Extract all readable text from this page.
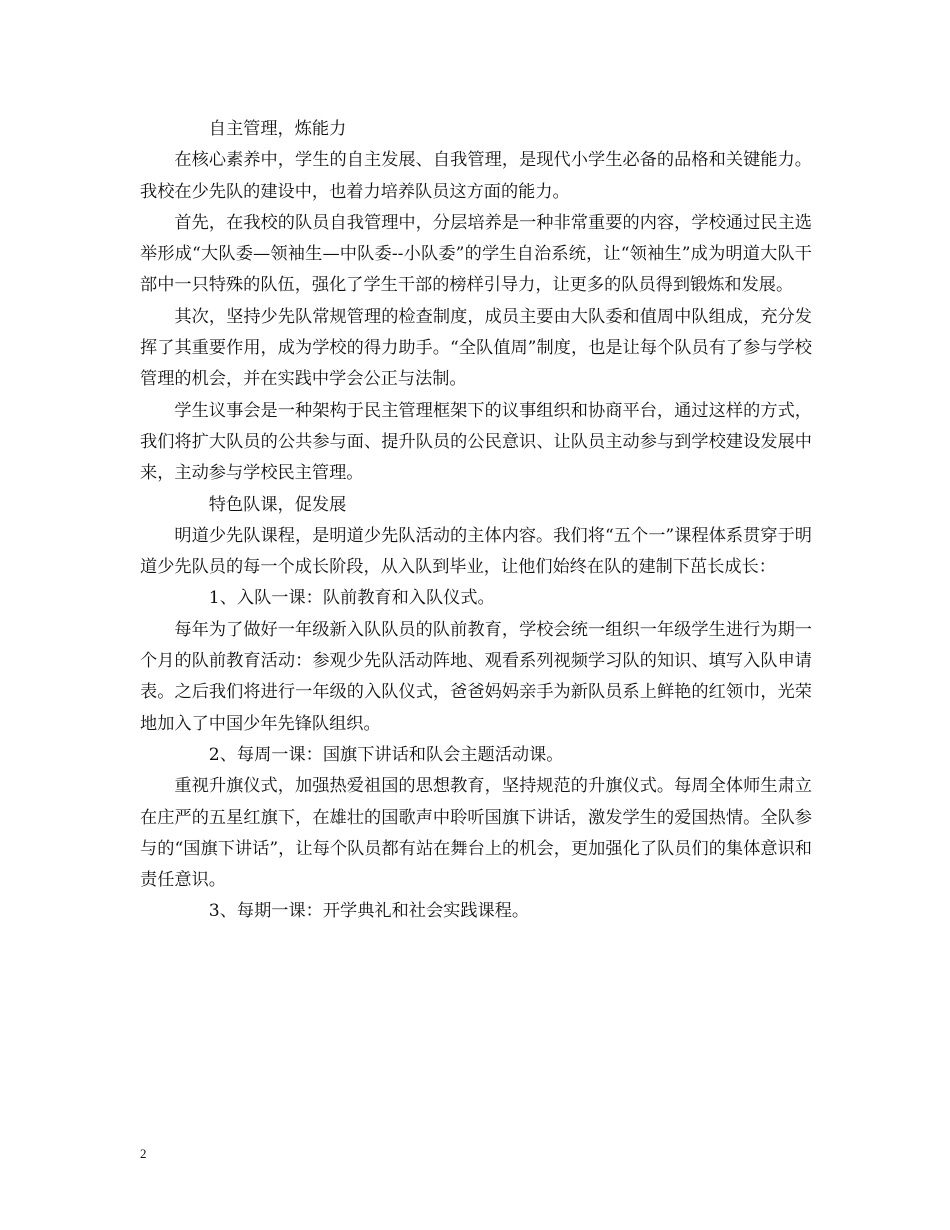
自主管理，炼能力

在核心素养中，学生的自主发展、自我管理，是现代小学生必备的品格和关键能力。我校在少先队的建设中，也着力培养队员这方面的能力。

首先，在我校的队员自我管理中，分层培养是一种非常重要的内容，学校通过民主选举形成“大队委—领袖生—中队委--小队委”的学生自治系统，让“领袖生”成为明道大队干部中一只特殊的队伍，强化了学生干部的榜样引导力，让更多的队员得到锻炼和发展。

其次，坚持少先队常规管理的检查制度，成员主要由大队委和值周中队组成，充分发挥了其重要作用，成为学校的得力助手。“全队值周”制度，也是让每个队员有了参与学校管理的机会，并在实践中学会公正与法制。

学生议事会是一种架构于民主管理框架下的议事组织和协商平台，通过这样的方式，我们将扩大队员的公共参与面、提升队员的公民意识、让队员主动参与到学校建设发展中来，主动参与学校民主管理。

特色队课，促发展

明道少先队课程，是明道少先队活动的主体内容。我们将“五个一”课程体系贯穿于明道少先队员的每一个成长阶段，从入队到毕业，让他们始终在队的建制下茁长成长：

1、入队一课：队前教育和入队仪式。

每年为了做好一年级新入队队员的队前教育，学校会统一组织一年级学生进行为期一个月的队前教育活动：参观少先队活动阵地、观看系列视频学习队的知识、填写入队申请表。之后我们将进行一年级的入队仪式，爸爸妈妈亲手为新队员系上鲜艳的红领巾，光荣地加入了中国少年先锋队组织。

2、每周一课：国旗下讲话和队会主题活动课。

重视升旗仪式，加强热爱祖国的思想教育，坚持规范的升旗仪式。每周全体师生肃立在庄严的五星红旗下，在雄壮的国歌声中聆听国旗下讲话，激发学生的爱国热情。全队参与的“国旗下讲话”，让每个队员都有站在舞台上的机会，更加强化了队员们的集体意识和责任意识。

3、每期一课：开学典礼和社会实践课程。

2
